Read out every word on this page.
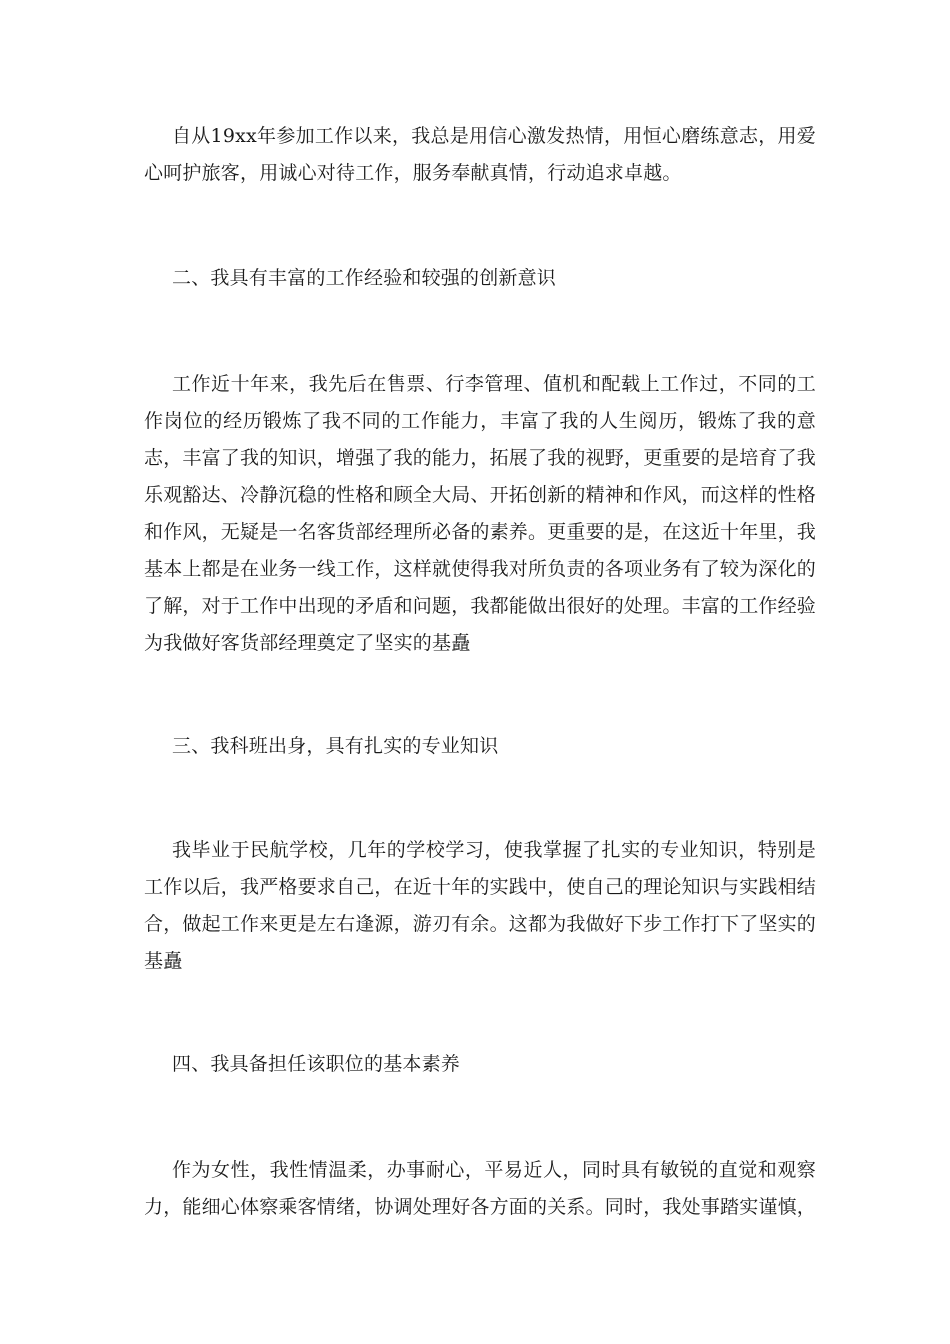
自从19xx年参加工作以来，我总是用信心激发热情，用恒心磨练意志，用爱心呵护旅客，用诚心对待工作，服务奉献真情，行动追求卓越。

二、我具有丰富的工作经验和较强的创新意识

工作近十年来，我先后在售票、行李管理、值机和配载上工作过，不同的工作岗位的经历锻炼了我不同的工作能力，丰富了我的人生阅历，锻炼了我的意志，丰富了我的知识，增强了我的能力，拓展了我的视野，更重要的是培育了我乐观豁达、冷静沉稳的性格和顾全大局、开拓创新的精神和作风，而这样的性格和作风，无疑是一名客货部经理所必备的素养。更重要的是，在这近十年里，我基本上都是在业务一线工作，这样就使得我对所负责的各项业务有了较为深化的了解，对于工作中出现的矛盾和问题，我都能做出很好的处理。丰富的工作经验为我做好客货部经理奠定了坚实的基矗

三、我科班出身，具有扎实的专业知识

我毕业于民航学校，几年的学校学习，使我掌握了扎实的专业知识，特别是工作以后，我严格要求自己，在近十年的实践中，使自己的理论知识与实践相结合，做起工作来更是左右逢源，游刃有余。这都为我做好下步工作打下了坚实的基矗

四、我具备担任该职位的基本素养

作为女性，我性情温柔，办事耐心，平易近人，同时具有敏锐的直觉和观察力，能细心体察乘客情绪，协调处理好各方面的关系。同时，我处事踏实谨慎，
